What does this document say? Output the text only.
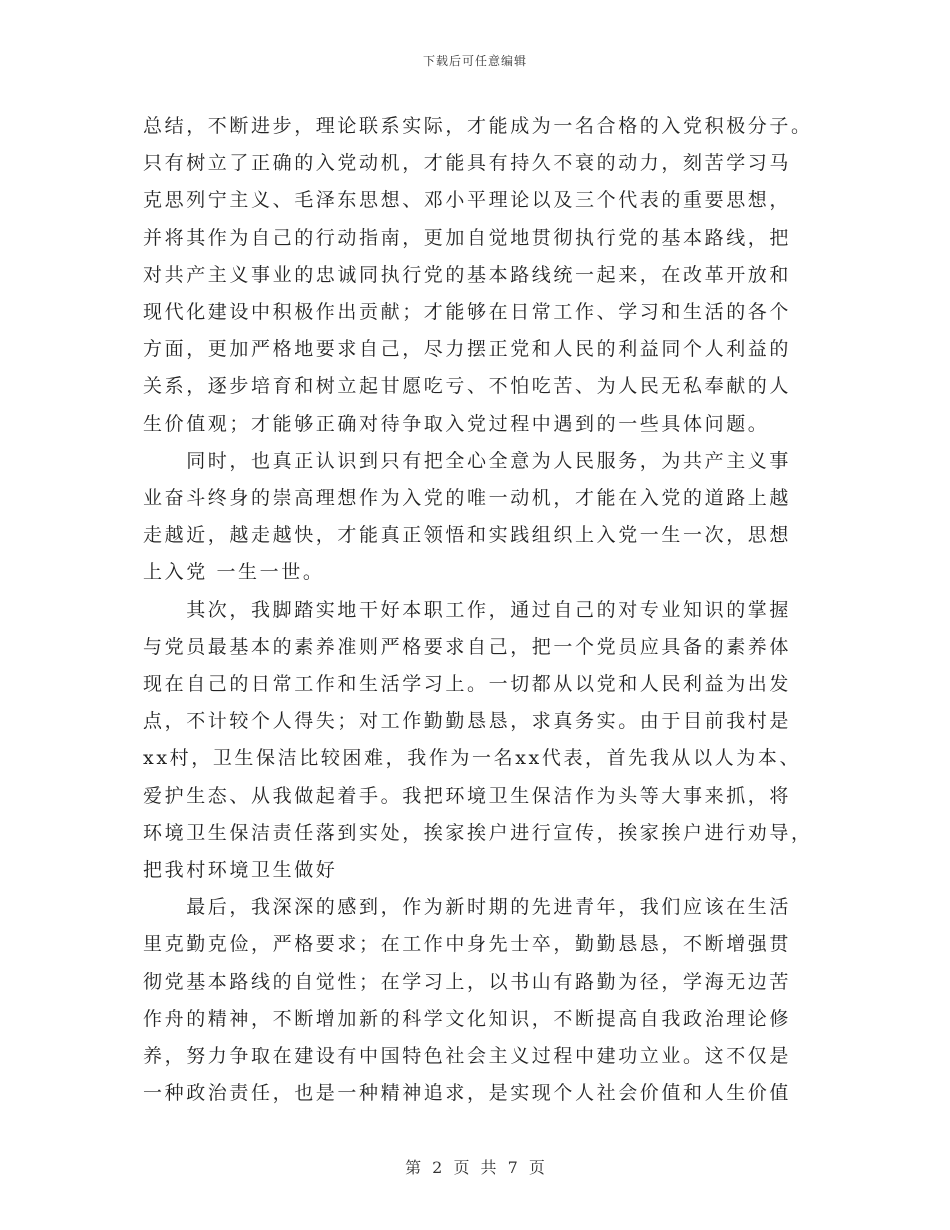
下载后可任意编辑

总结，不断进步，理论联系实际，才能成为一名合格的入党积极分子。

只有树立了正确的入党动机，才能具有持久不衰的动力，刻苦学习马

克思列宁主义、毛泽东思想、邓小平理论以及三个代表的重要思想，

并将其作为自己的行动指南，更加自觉地贯彻执行党的基本路线，把

对共产主义事业的忠诚同执行党的基本路线统一起来，在改革开放和

现代化建设中积极作出贡献；才能够在日常工作、学习和生活的各个

方面，更加严格地要求自己，尽力摆正党和人民的利益同个人利益的

关系，逐步培育和树立起甘愿吃亏、不怕吃苦、为人民无私奉献的人

生价值观；才能够正确对待争取入党过程中遇到的一些具体问题。

　　同时，也真正认识到只有把全心全意为人民服务，为共产主义事

业奋斗终身的崇高理想作为入党的唯一动机，才能在入党的道路上越

走越近，越走越快，才能真正领悟和实践组织上入党一生一次，思想

上入党 一生一世。

　　其次，我脚踏实地干好本职工作，通过自己的对专业知识的掌握

与党员最基本的素养准则严格要求自己，把一个党员应具备的素养体

现在自己的日常工作和生活学习上。一切都从以党和人民利益为出发

点，不计较个人得失；对工作勤勤恳恳，求真务实。由于目前我村是

xx村，卫生保洁比较困难，我作为一名xx代表，首先我从以人为本、

爱护生态、从我做起着手。我把环境卫生保洁作为头等大事来抓，将

环境卫生保洁责任落到实处，挨家挨户进行宣传，挨家挨户进行劝导，

把我村环境卫生做好

　　最后，我深深的感到，作为新时期的先进青年，我们应该在生活

里克勤克俭，严格要求；在工作中身先士卒，勤勤恳恳，不断增强贯

彻党基本路线的自觉性；在学习上，以书山有路勤为径，学海无边苦

作舟的精神，不断增加新的科学文化知识，不断提高自我政治理论修

养，努力争取在建设有中国特色社会主义过程中建功立业。这不仅是

一种政治责任，也是一种精神追求，是实现个人社会价值和人生价值

第 2 页 共 7 页
